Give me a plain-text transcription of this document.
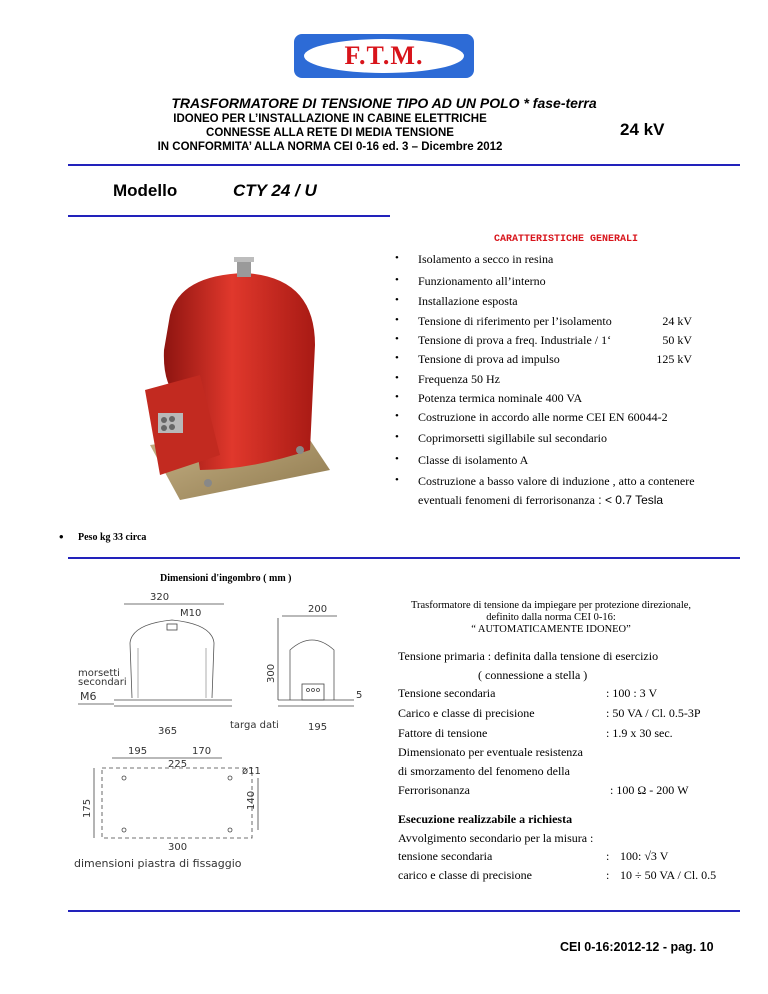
F.T.M.
TRASFORMATORE DI TENSIONE TIPO AD UN POLO * fase-terra
IDONEO PER L’INSTALLAZIONE IN CABINE ELETTRICHE
CONNESSE ALLA RETE DI MEDIA TENSIONE
IN CONFORMITA’ ALLA NORMA CEI 0-16 ed. 3 – Dicembre 2012
24 kV
Modello	CTY 24 / U
CARATTERISTICHE GENERALI
• Isolamento a secco in resina
• Funzionamento all’interno
• Installazione esposta
• Tensione di riferimento per l’isolamento	24 kV
• Tensione di prova a freq. Industriale / 1‘	50 kV
• Tensione di prova ad impulso	125 kV
• Frequenza 50 Hz
• Potenza termica nominale 400 VA
• Costruzione in accordo alle norme CEI EN 60044-2
• Coprimorsetti sigillabile sul secondario
• Classe di isolamento A
• Costruzione a basso valore di induzione , atto a contenere
eventuali fenomeni di ferrorisonanza : < 0.7 Tesla
• Peso kg 33 circa
Dimensioni d'ingombro ( mm )
320
M10
morsetti
secondari
M6
365
targa dati
200
300
5
195
195	170
225
ø11
175	140
300
dimensioni piastra di fissaggio
Trasformatore di tensione da impiegare per protezione direzionale,
definito dalla norma CEI 0-16:
“ AUTOMATICAMENTE IDONEO”
Tensione primaria : definita dalla tensione di esercizio
( connessione a stella )
Tensione secondaria	: 100 : 3 V
Carico e classe di precisione	: 50 VA / Cl. 0.5-3P
Fattore di tensione	: 1.9 x 30 sec.
Dimensionato per eventuale resistenza
di smorzamento del fenomeno della
Ferrorisonanza	: 100 Ω - 200 W
Esecuzione realizzabile a richiesta
Avvolgimento secondario per la misura :
tensione secondaria	: 100: √3 V
carico e classe di precisione	: 10 ÷ 50 VA / Cl. 0.5
CEI 0-16:2012-12 - pag. 10
